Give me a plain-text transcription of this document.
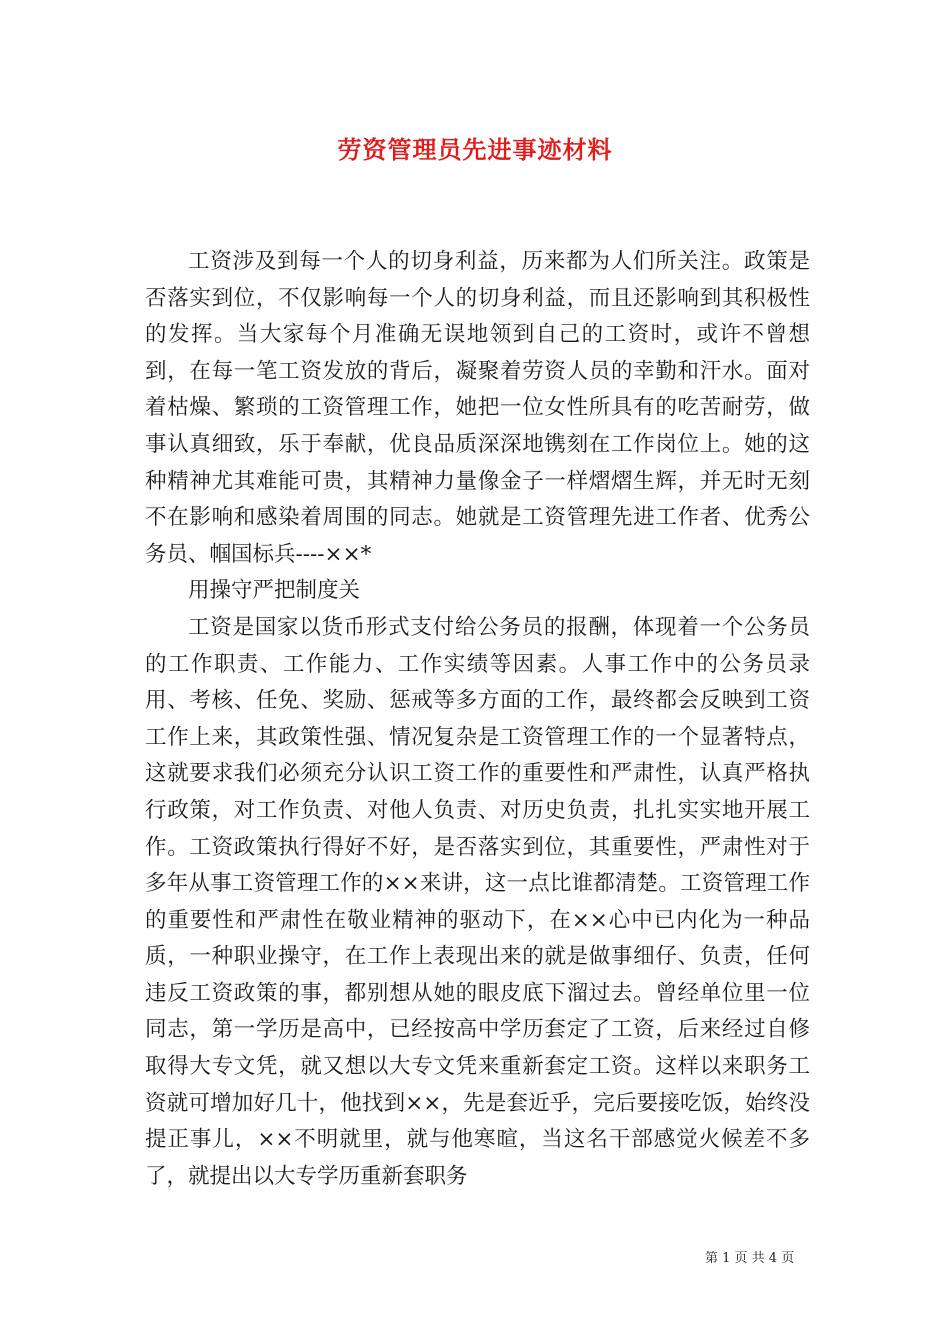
劳资管理员先进事迹材料

工资涉及到每一个人的切身利益，历来都为人们所关注。政策是否落实到位，不仅影响每一个人的切身利益，而且还影响到其积极性的发挥。当大家每个月准确无误地领到自己的工资时，或许不曾想到，在每一笔工资发放的背后，凝聚着劳资人员的幸勤和汗水。面对着枯燥、繁琐的工资管理工作，她把一位女性所具有的吃苦耐劳，做事认真细致，乐于奉献，优良品质深深地镌刻在工作岗位上。她的这种精神尤其难能可贵，其精神力量像金子一样熠熠生辉，并无时无刻不在影响和感染着周围的同志。她就是工资管理先进工作者、优秀公务员、帼国标兵----××*

用操守严把制度关

工资是国家以货币形式支付给公务员的报酬，体现着一个公务员的工作职责、工作能力、工作实绩等因素。人事工作中的公务员录用、考核、任免、奖励、惩戒等多方面的工作，最终都会反映到工资工作上来，其政策性强、情况复杂是工资管理工作的一个显著特点，这就要求我们必须充分认识工资工作的重要性和严肃性，认真严格执行政策，对工作负责、对他人负责、对历史负责，扎扎实实地开展工作。工资政策执行得好不好，是否落实到位，其重要性，严肃性对于多年从事工资管理工作的××来讲，这一点比谁都清楚。工资管理工作的重要性和严肃性在敬业精神的驱动下，在××心中已内化为一种品质，一种职业操守，在工作上表现出来的就是做事细仔、负责，任何违反工资政策的事，都别想从她的眼皮底下溜过去。曾经单位里一位同志，第一学历是高中，已经按高中学历套定了工资，后来经过自修取得大专文凭，就又想以大专文凭来重新套定工资。这样以来职务工资就可增加好几十，他找到××，先是套近乎，完后要接吃饭，始终没提正事儿，××不明就里，就与他寒暄，当这名干部感觉火候差不多了，就提出以大专学历重新套职务

第 1 页 共 4 页
